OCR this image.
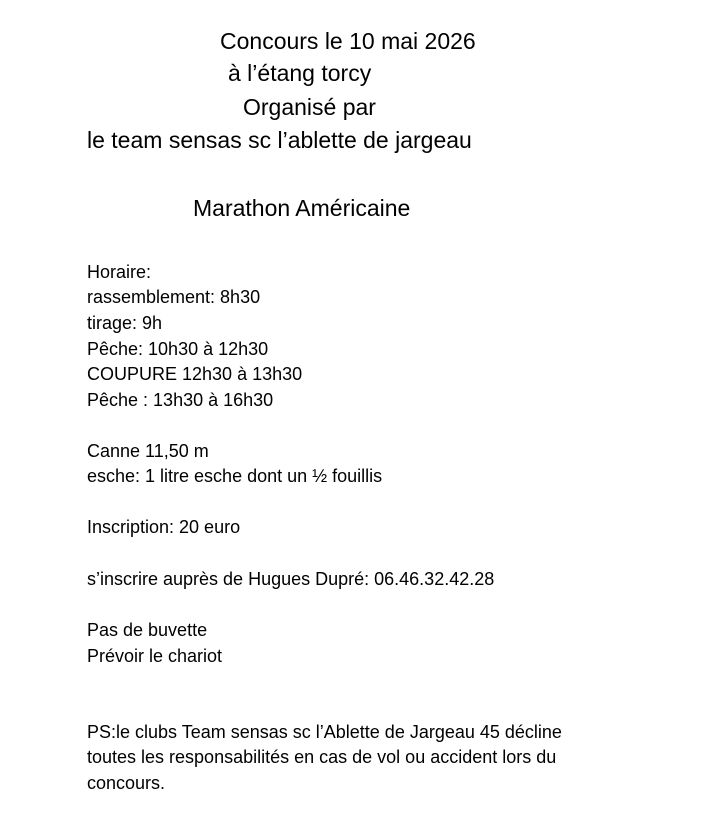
Concours le 10 mai 2026

à l’étang torcy

Organisé par

le team sensas sc l’ablette de jargeau

Marathon Américaine

Horaire:

rassemblement: 8h30

tirage: 9h

Pêche: 10h30 à 12h30

COUPURE 12h30 à 13h30

Pêche : 13h30 à 16h30

Canne 11,50 m

esche: 1 litre esche dont un ½ fouillis

Inscription: 20 euro

s’inscrire auprès de Hugues Dupré: 06.46.32.42.28

Pas de buvette

Prévoir le chariot

PS:le clubs Team sensas sc l’Ablette de Jargeau 45 décline

toutes les responsabilités en cas de vol ou accident lors du

concours.
